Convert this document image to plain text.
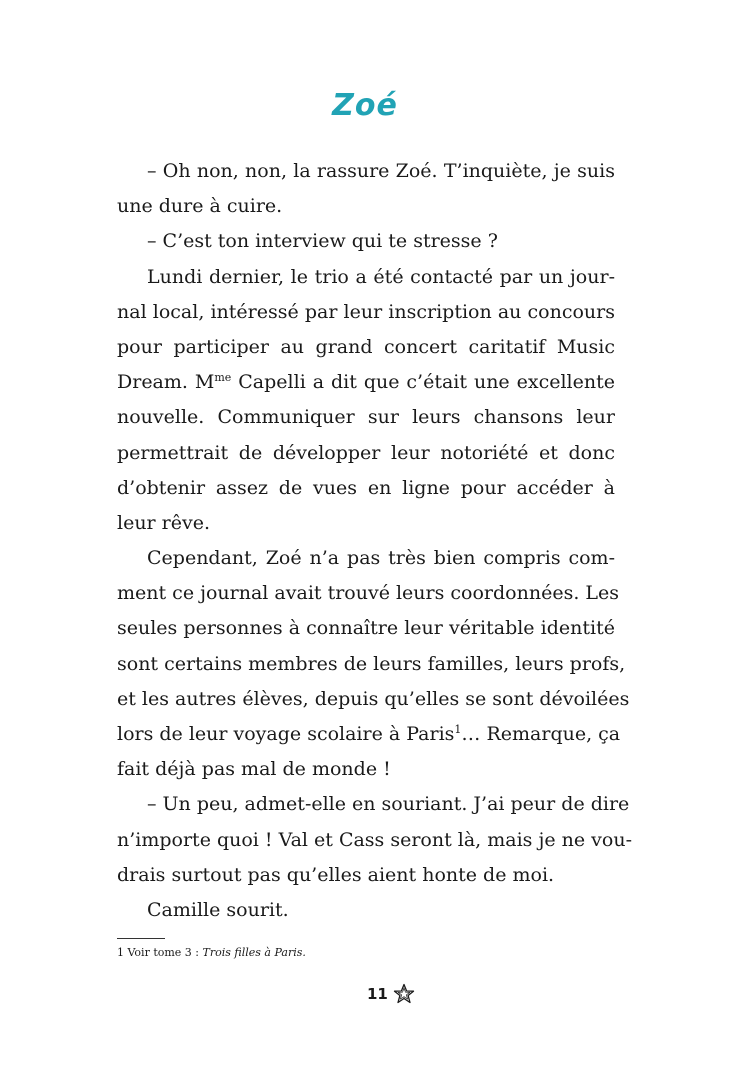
Zoé
– Oh non, non, la rassure Zoé. T’inquiète, je suis
une dure à cuire.
– C’est ton interview qui te stresse ?
Lundi dernier, le trio a été contacté par un jour-
nal local, intéressé par leur inscription au concours
pour participer au grand concert caritatif Music
Dream. $M^{me}$ Capelli a dit que c’était une excellente
nouvelle. Communiquer sur leurs chansons leur
permettrait de développer leur notoriété et donc
d’obtenir assez de vues en ligne pour accéder à
leur rêve.
Cependant, Zoé n’a pas très bien compris com-
ment ce journal avait trouvé leurs coordonnées. Les
seules personnes à connaître leur véritable identité
sont certains membres de leurs familles, leurs profs,
et les autres élèves, depuis qu’elles se sont dévoilées
lors de leur voyage scolaire à Paris$^1$… Remarque, ça
fait déjà pas mal de monde !
– Un peu, admet-elle en souriant. J’ai peur de dire
n’importe quoi ! Val et Cass seront là, mais je ne vou-
drais surtout pas qu’elles aient honte de moi.
Camille sourit.
1 Voir tome 3 : Trois filles à Paris.
11
